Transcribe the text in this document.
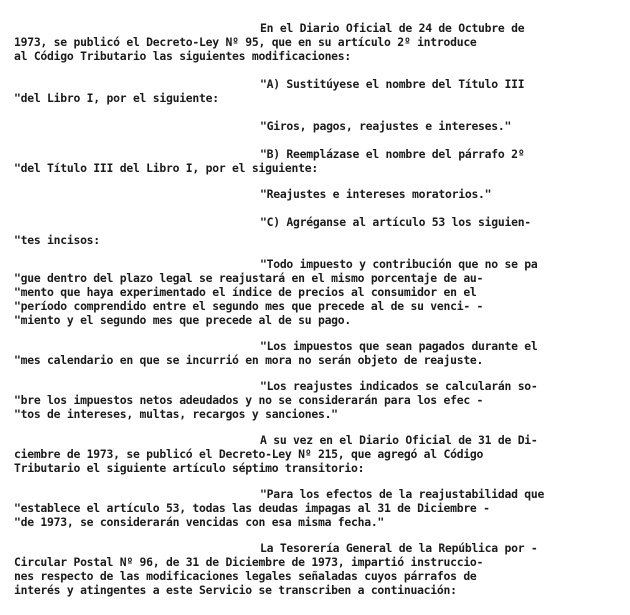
En el Diario Oficial de 24 de Octubre de
1973, se publicó el Decreto-Ley Nº 95, que en su artículo 2º introduce
al Código Tributario las siguientes modificaciones:
"A) Sustitúyese el nombre del Título III
"del Libro I, por el siguiente:
"Giros, pagos, reajustes e intereses."
"B) Reemplázase el nombre del párrafo 2º
"del Título III del Libro I, por el siguiente:
"Reajustes e intereses moratorios."
"C) Agréganse al artículo 53 los siguien-
"tes incisos:
"Todo impuesto y contribución que no se pa
"gue dentro del plazo legal se reajustará en el mismo porcentaje de au-
"mento que haya experimentado el índice de precios al consumidor en el
"período comprendido entre el segundo mes que precede al de su venci- -
"miento y el segundo mes que precede al de su pago.
"Los impuestos que sean pagados durante el
"mes calendario en que se incurrió en mora no serán objeto de reajuste.
"Los reajustes indicados se calcularán so-
"bre los impuestos netos adeudados y no se considerarán para los efec -
"tos de intereses, multas, recargos y sanciones."
A su vez en el Diario Oficial de 31 de Di-
ciembre de 1973, se publicó el Decreto-Ley Nº 215, que agregó al Código
Tributario el siguiente artículo séptimo transitorio:
"Para los efectos de la reajustabilidad que
"establece el artículo 53, todas las deudas impagas al 31 de Diciembre -
"de 1973, se considerarán vencidas con esa misma fecha."
La Tesorería General de la República por -
Circular Postal Nº 96, de 31 de Diciembre de 1973, impartió instruccio-
nes respecto de las modificaciones legales señaladas cuyos párrafos de
interés y atingentes a este Servicio se transcriben a continuación:
